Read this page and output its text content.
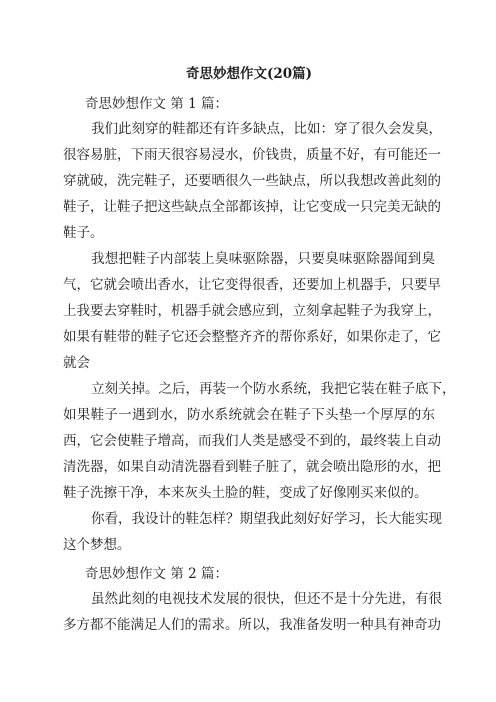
奇思妙想作文(20篇)

奇思妙想作文 第 1 篇：

我们此刻穿的鞋都还有许多缺点，比如：穿了很久会发臭，
很容易脏，下雨天很容易浸水，价钱贵，质量不好，有可能还一
穿就破，洗完鞋子，还要晒很久一些缺点，所以我想改善此刻的
鞋子，让鞋子把这些缺点全部都该掉，让它变成一只完美无缺的
鞋子。

我想把鞋子内部装上臭味驱除器，只要臭味驱除器闻到臭
气，它就会喷出香水，让它变得很香，还要加上机器手，只要早
上我要去穿鞋时，机器手就会感应到，立刻拿起鞋子为我穿上，
如果有鞋带的鞋子它还会整整齐齐的帮你系好，如果你走了，它
就会

立刻关掉。之后，再装一个防水系统，我把它装在鞋子底下，
如果鞋子一遇到水，防水系统就会在鞋子下头垫一个厚厚的东
西，它会使鞋子增高，而我们人类是感受不到的，最终装上自动
清洗器，如果自动清洗器看到鞋子脏了，就会喷出隐形的水，把
鞋子洗擦干净，本来灰头土脸的鞋，变成了好像刚买来似的。

你看，我设计的鞋怎样？期望我此刻好好学习，长大能实现
这个梦想。

奇思妙想作文 第 2 篇：

虽然此刻的电视技术发展的很快，但还不是十分先进，有很
多方都不能满足人们的需求。所以，我准备发明一种具有神奇功
